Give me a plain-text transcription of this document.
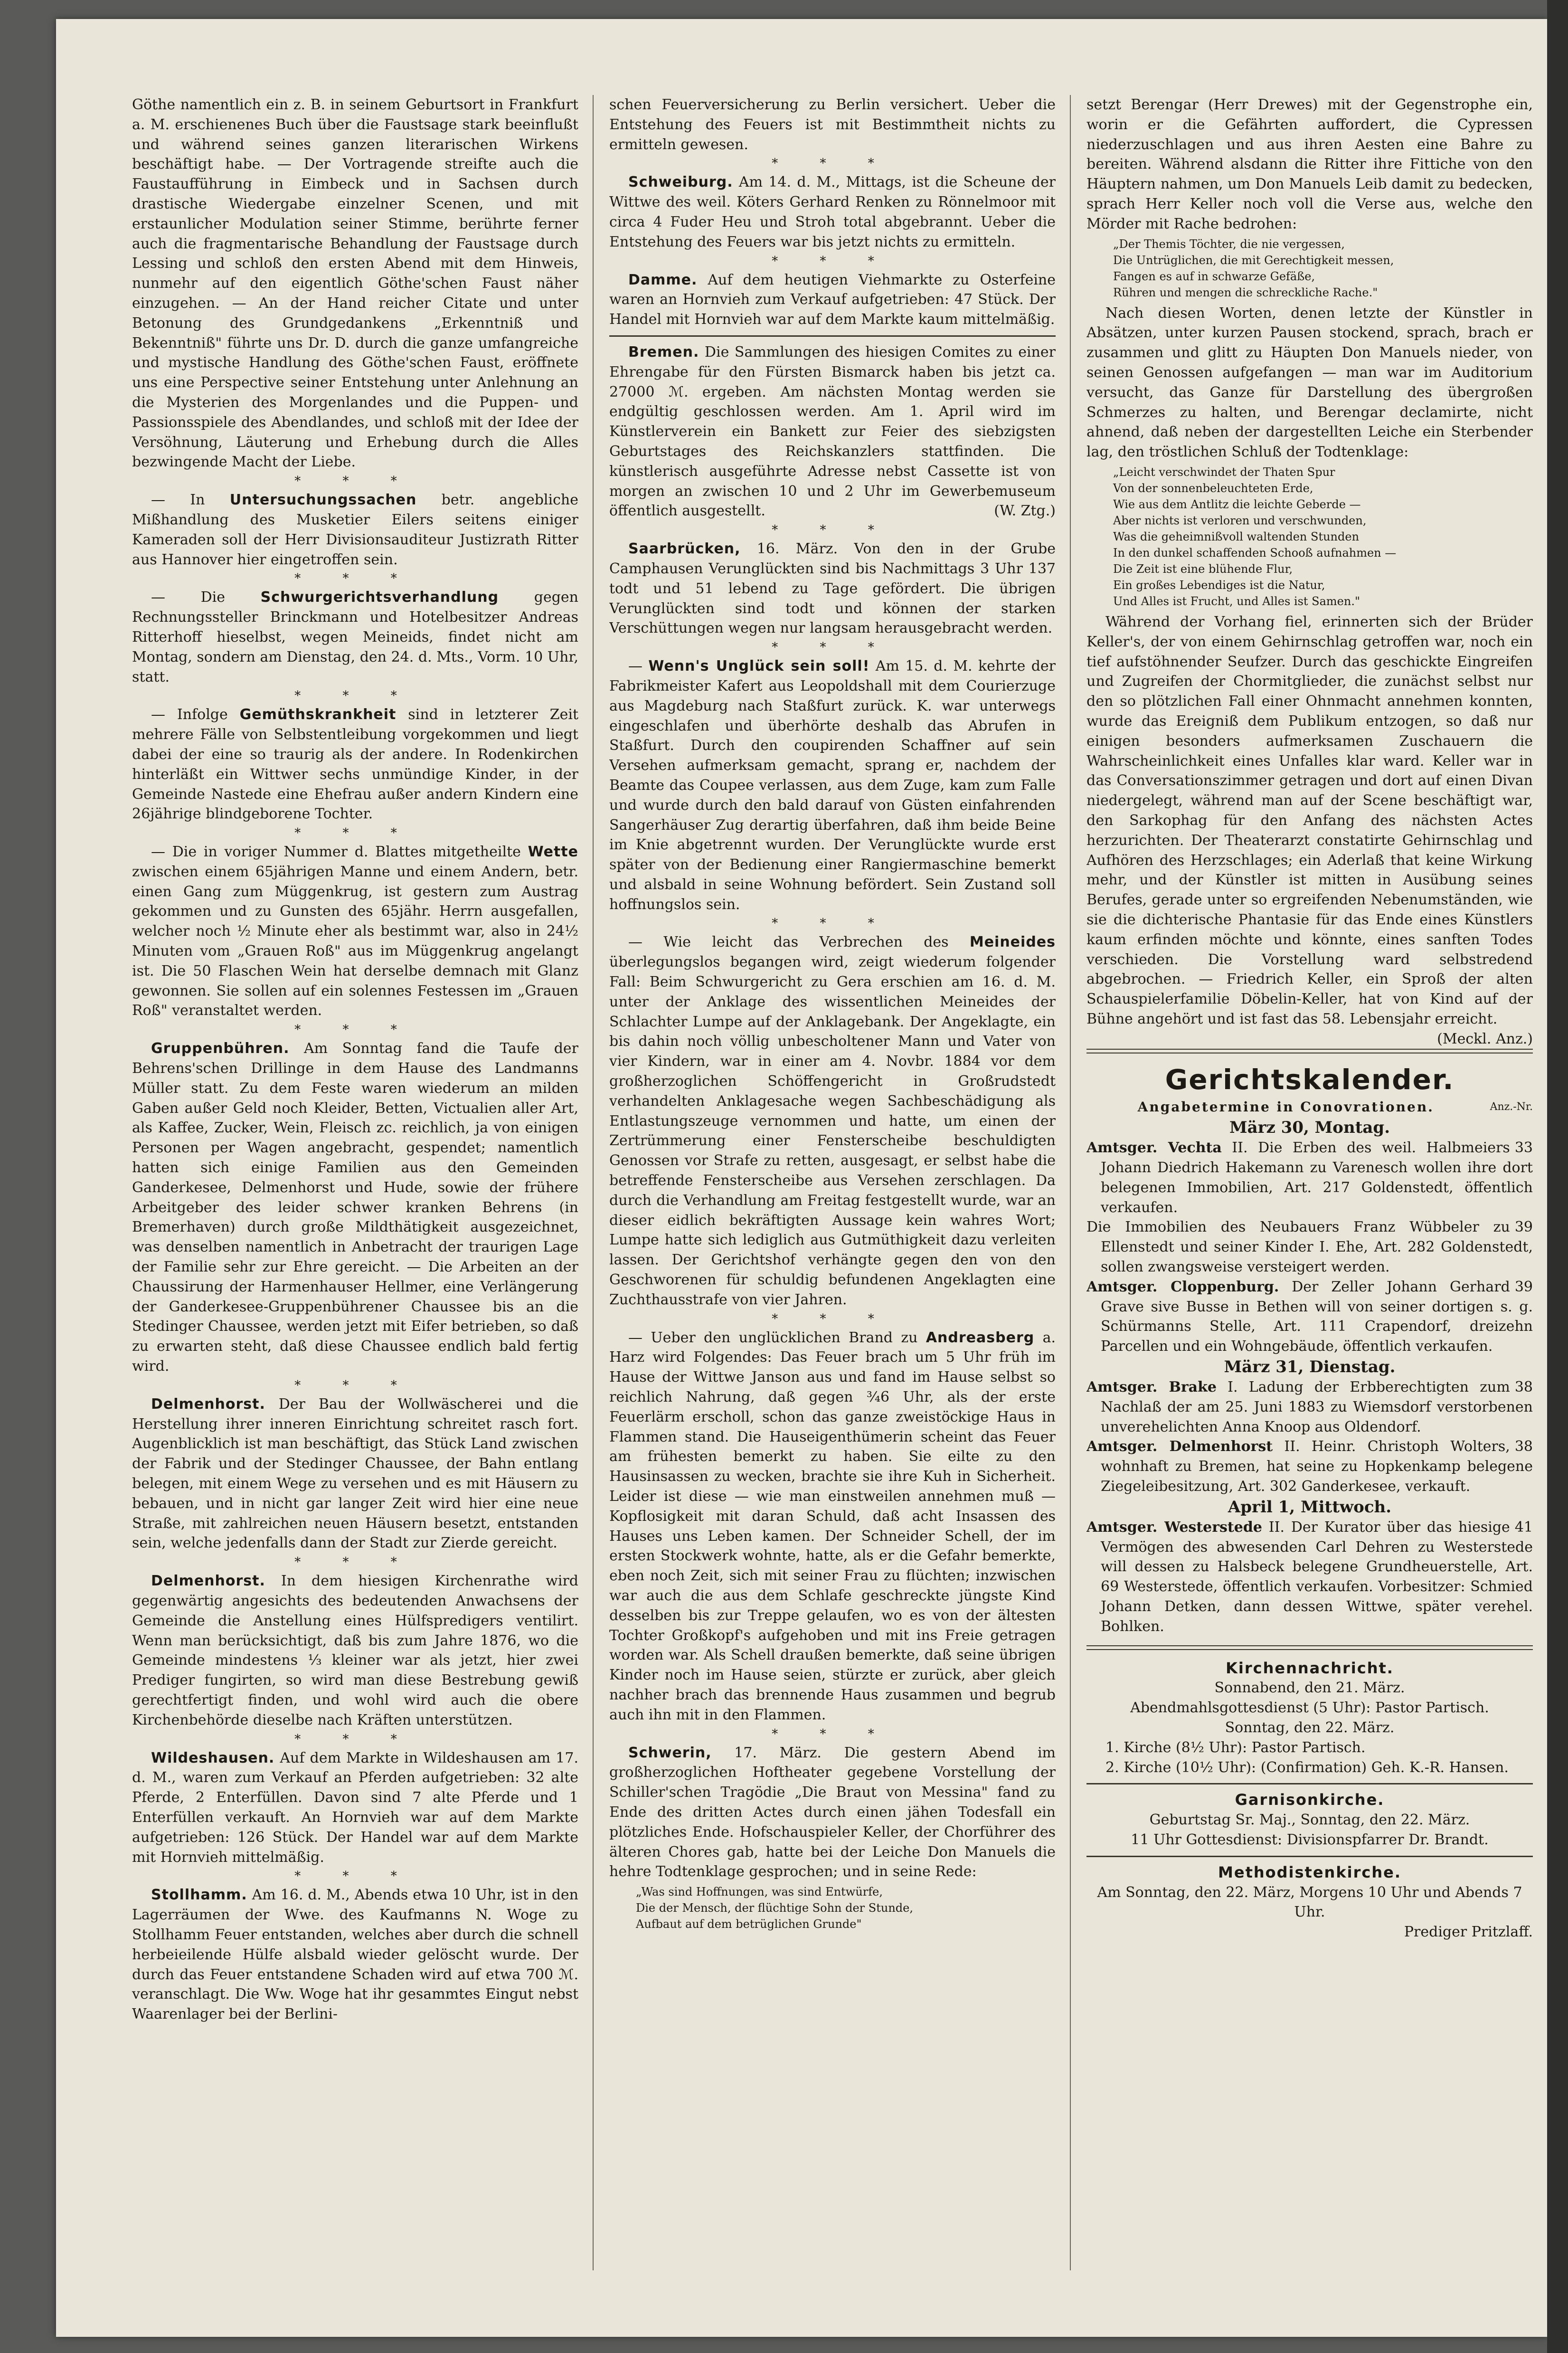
Göthe namentlich ein z. B. in seinem Geburtsort in Frankfurt a. M. erschienenes Buch über die Faustsage stark beeinflußt und während seines ganzen literarischen Wirkens beschäftigt habe. — Der Vortragende streifte auch die Faustaufführung in Eimbeck und in Sachsen durch drastische Wiedergabe einzelner Scenen, und mit erstaunlicher Modulation seiner Stimme, berührte ferner auch die fragmentarische Behandlung der Faustsage durch Lessing und schloß den ersten Abend mit dem Hinweis, nunmehr auf den eigentlich Göthe'schen Faust näher einzugehen. — An der Hand reicher Citate und unter Betonung des Grundgedankens „Erkenntniß und Bekenntniß" führte uns Dr. D. durch die ganze umfangreiche und mystische Handlung des Göthe'schen Faust, eröffnete uns eine Perspective seiner Entstehung unter Anlehnung an die Mysterien des Morgenlandes und die Puppen- und Passionsspiele des Abendlandes, und schloß mit der Idee der Versöhnung, Läuterung und Erhebung durch die Alles bezwingende Macht der Liebe.

* * *

— In Untersuchungssachen betr. angebliche Mißhandlung des Musketier Eilers seitens einiger Kameraden soll der Herr Divisionsauditeur Justizrath Ritter aus Hannover hier eingetroffen sein.

* * *

— Die Schwurgerichtsverhandlung gegen Rechnungssteller Brinckmann und Hotelbesitzer Andreas Ritterhoff hieselbst, wegen Meineids, findet nicht am Montag, sondern am Dienstag, den 24. d. Mts., Vorm. 10 Uhr, statt.

* * *

— Infolge Gemüthskrankheit sind in letzterer Zeit mehrere Fälle von Selbstentleibung vorgekommen und liegt dabei der eine so traurig als der andere. In Rodenkirchen hinterläßt ein Wittwer sechs unmündige Kinder, in der Gemeinde Nastede eine Ehefrau außer andern Kindern eine 26jährige blindgeborene Tochter.

* * *

— Die in voriger Nummer d. Blattes mitgetheilte Wette zwischen einem 65jährigen Manne und einem Andern, betr. einen Gang zum Müggenkrug, ist gestern zum Austrag gekommen und zu Gunsten des 65jähr. Herrn ausgefallen, welcher noch ½ Minute eher als bestimmt war, also in 24½ Minuten vom „Grauen Roß" aus im Müggenkrug angelangt ist. Die 50 Flaschen Wein hat derselbe demnach mit Glanz gewonnen. Sie sollen auf ein solennes Festessen im „Grauen Roß" veranstaltet werden.

* * *

Gruppenbühren. Am Sonntag fand die Taufe der Behrens'schen Drillinge in dem Hause des Landmanns Müller statt. Zu dem Feste waren wiederum an milden Gaben außer Geld noch Kleider, Betten, Victualien aller Art, als Kaffee, Zucker, Wein, Fleisch zc. reichlich, ja von einigen Personen per Wagen angebracht, gespendet; namentlich hatten sich einige Familien aus den Gemeinden Ganderkesee, Delmenhorst und Hude, sowie der frühere Arbeitgeber des leider schwer kranken Behrens (in Bremerhaven) durch große Mildthätigkeit ausgezeichnet, was denselben namentlich in Anbetracht der traurigen Lage der Familie sehr zur Ehre gereicht. — Die Arbeiten an der Chaussirung der Harmenhauser Hellmer, eine Verlängerung der Ganderkesee-Gruppenbührener Chaussee bis an die Stedinger Chaussee, werden jetzt mit Eifer betrieben, so daß zu erwarten steht, daß diese Chaussee endlich bald fertig wird.

* * *

Delmenhorst. Der Bau der Wollwäscherei und die Herstellung ihrer inneren Einrichtung schreitet rasch fort. Augenblicklich ist man beschäftigt, das Stück Land zwischen der Fabrik und der Stedinger Chaussee, der Bahn entlang belegen, mit einem Wege zu versehen und es mit Häusern zu bebauen, und in nicht gar langer Zeit wird hier eine neue Straße, mit zahlreichen neuen Häusern besetzt, entstanden sein, welche jedenfalls dann der Stadt zur Zierde gereicht.

* * *

Delmenhorst. In dem hiesigen Kirchenrathe wird gegenwärtig angesichts des bedeutenden Anwachsens der Gemeinde die Anstellung eines Hülfspredigers ventilirt. Wenn man berücksichtigt, daß bis zum Jahre 1876, wo die Gemeinde mindestens ⅓ kleiner war als jetzt, hier zwei Prediger fungirten, so wird man diese Bestrebung gewiß gerechtfertigt finden, und wohl wird auch die obere Kirchenbehörde dieselbe nach Kräften unterstützen.

* * *

Wildeshausen. Auf dem Markte in Wildeshausen am 17. d. M., waren zum Verkauf an Pferden aufgetrieben: 32 alte Pferde, 2 Enterfüllen. Davon sind 7 alte Pferde und 1 Enterfüllen verkauft. An Hornvieh war auf dem Markte aufgetrieben: 126 Stück. Der Handel war auf dem Markte mit Hornvieh mittelmäßig.

* * *

Stollhamm. Am 16. d. M., Abends etwa 10 Uhr, ist in den Lagerräumen der Wwe. des Kaufmanns N. Woge zu Stollhamm Feuer entstanden, welches aber durch die schnell herbeieilende Hülfe alsbald wieder gelöscht wurde. Der durch das Feuer entstandene Schaden wird auf etwa 700 ℳ. veranschlagt. Die Ww. Woge hat ihr gesammtes Eingut nebst Waarenlager bei der Berlini-

schen Feuerversicherung zu Berlin versichert. Ueber die Entstehung des Feuers ist mit Bestimmtheit nichts zu ermitteln gewesen.

* * *

Schweiburg. Am 14. d. M., Mittags, ist die Scheune der Wittwe des weil. Köters Gerhard Renken zu Rönnelmoor mit circa 4 Fuder Heu und Stroh total abgebrannt. Ueber die Entstehung des Feuers war bis jetzt nichts zu ermitteln.

* * *

Damme. Auf dem heutigen Viehmarkte zu Osterfeine waren an Hornvieh zum Verkauf aufgetrieben: 47 Stück. Der Handel mit Hornvieh war auf dem Markte kaum mittelmäßig.

Bremen. Die Sammlungen des hiesigen Comites zu einer Ehrengabe für den Fürsten Bismarck haben bis jetzt ca. 27000 ℳ. ergeben. Am nächsten Montag werden sie endgültig geschlossen werden. Am 1. April wird im Künstlerverein ein Bankett zur Feier des siebzigsten Geburtstages des Reichskanzlers stattfinden. Die künstlerisch ausgeführte Adresse nebst Cassette ist von morgen an zwischen 10 und 2 Uhr im Gewerbemuseum öffentlich ausgestellt.	(W. Ztg.)

* * *

Saarbrücken, 16. März. Von den in der Grube Camphausen Verunglückten sind bis Nachmittags 3 Uhr 137 todt und 51 lebend zu Tage gefördert. Die übrigen Verunglückten sind todt und können der starken Verschüttungen wegen nur langsam herausgebracht werden.

* * *

— Wenn's Unglück sein soll! Am 15. d. M. kehrte der Fabrikmeister Kafert aus Leopoldshall mit dem Courierzuge aus Magdeburg nach Staßfurt zurück. K. war unterwegs eingeschlafen und überhörte deshalb das Abrufen in Staßfurt. Durch den coupirenden Schaffner auf sein Versehen aufmerksam gemacht, sprang er, nachdem der Beamte das Coupee verlassen, aus dem Zuge, kam zum Falle und wurde durch den bald darauf von Güsten einfahrenden Sangerhäuser Zug derartig überfahren, daß ihm beide Beine im Knie abgetrennt wurden. Der Verunglückte wurde erst später von der Bedienung einer Rangiermaschine bemerkt und alsbald in seine Wohnung befördert. Sein Zustand soll hoffnungslos sein.

* * *

— Wie leicht das Verbrechen des Meineides überlegungslos begangen wird, zeigt wiederum folgender Fall: Beim Schwurgericht zu Gera erschien am 16. d. M. unter der Anklage des wissentlichen Meineides der Schlachter Lumpe auf der Anklagebank. Der Angeklagte, ein bis dahin noch völlig unbescholtener Mann und Vater von vier Kindern, war in einer am 4. Novbr. 1884 vor dem großherzoglichen Schöffengericht in Großrudstedt verhandelten Anklagesache wegen Sachbeschädigung als Entlastungszeuge vernommen und hatte, um einen der Zertrümmerung einer Fensterscheibe beschuldigten Genossen vor Strafe zu retten, ausgesagt, er selbst habe die betreffende Fensterscheibe aus Versehen zerschlagen. Da durch die Verhandlung am Freitag festgestellt wurde, war an dieser eidlich bekräftigten Aussage kein wahres Wort; Lumpe hatte sich lediglich aus Gutmüthigkeit dazu verleiten lassen. Der Gerichtshof verhängte gegen den von den Geschworenen für schuldig befundenen Angeklagten eine Zuchthausstrafe von vier Jahren.

* * *

— Ueber den unglücklichen Brand zu Andreasberg a. Harz wird Folgendes: Das Feuer brach um 5 Uhr früh im Hause der Wittwe Janson aus und fand im Hause selbst so reichlich Nahrung, daß gegen ¾6 Uhr, als der erste Feuerlärm erscholl, schon das ganze zweistöckige Haus in Flammen stand. Die Hauseigenthümerin scheint das Feuer am frühesten bemerkt zu haben. Sie eilte zu den Hausinsassen zu wecken, brachte sie ihre Kuh in Sicherheit. Leider ist diese — wie man einstweilen annehmen muß — Kopflosigkeit mit daran Schuld, daß acht Insassen des Hauses uns Leben kamen. Der Schneider Schell, der im ersten Stockwerk wohnte, hatte, als er die Gefahr bemerkte, eben noch Zeit, sich mit seiner Frau zu flüchten; inzwischen war auch die aus dem Schlafe geschreckte jüngste Kind desselben bis zur Treppe gelaufen, wo es von der ältesten Tochter Großkopf's aufgehoben und mit ins Freie getragen worden war. Als Schell draußen bemerkte, daß seine übrigen Kinder noch im Hause seien, stürzte er zurück, aber gleich nachher brach das brennende Haus zusammen und begrub auch ihn mit in den Flammen.

* * *

Schwerin, 17. März. Die gestern Abend im großherzoglichen Hoftheater gegebene Vorstellung der Schiller'schen Tragödie „Die Braut von Messina" fand zu Ende des dritten Actes durch einen jähen Todesfall ein plötzliches Ende. Hofschauspieler Keller, der Chorführer des älteren Chores gab, hatte bei der Leiche Don Manuels die hehre Todtenklage gesprochen; und in seine Rede:

„Was sind Hoffnungen, was sind Entwürfe,
Die der Mensch, der flüchtige Sohn der Stunde,
Aufbaut auf dem betrüglichen Grunde"

setzt Berengar (Herr Drewes) mit der Gegenstrophe ein, worin er die Gefährten auffordert, die Cypressen niederzuschlagen und aus ihren Aesten eine Bahre zu bereiten. Während alsdann die Ritter ihre Fittiche von den Häuptern nahmen, um Don Manuels Leib damit zu bedecken, sprach Herr Keller noch voll die Verse aus, welche den Mörder mit Rache bedrohen:

„Der Themis Töchter, die nie vergessen,
Die Untrüglichen, die mit Gerechtigkeit messen,
Fangen es auf in schwarze Gefäße,
Rühren und mengen die schreckliche Rache."

Nach diesen Worten, denen letzte der Künstler in Absätzen, unter kurzen Pausen stockend, sprach, brach er zusammen und glitt zu Häupten Don Manuels nieder, von seinen Genossen aufgefangen — man war im Auditorium versucht, das Ganze für Darstellung des übergroßen Schmerzes zu halten, und Berengar declamirte, nicht ahnend, daß neben der dargestellten Leiche ein Sterbender lag, den tröstlichen Schluß der Todtenklage:

„Leicht verschwindet der Thaten Spur
Von der sonnenbeleuchteten Erde,
Wie aus dem Antlitz die leichte Geberde —
Aber nichts ist verloren und verschwunden,
Was die geheimnißvoll waltenden Stunden
In den dunkel schaffenden Schooß aufnahmen —
Die Zeit ist eine blühende Flur,
Ein großes Lebendiges ist die Natur,
Und Alles ist Frucht, und Alles ist Samen."

Während der Vorhang fiel, erinnerten sich der Brüder Keller's, der von einem Gehirnschlag getroffen war, noch ein tief aufstöhnender Seufzer. Durch das geschickte Eingreifen und Zugreifen der Chormitglieder, die zunächst selbst nur den so plötzlichen Fall einer Ohnmacht annehmen konnten, wurde das Ereigniß dem Publikum entzogen, so daß nur einigen besonders aufmerksamen Zuschauern die Wahrscheinlichkeit eines Unfalles klar ward. Keller war in das Conversationszimmer getragen und dort auf einen Divan niedergelegt, während man auf der Scene beschäftigt war, den Sarkophag für den Anfang des nächsten Actes herzurichten. Der Theaterarzt constatirte Gehirnschlag und Aufhören des Herzschlages; ein Aderlaß that keine Wirkung mehr, und der Künstler ist mitten in Ausübung seines Berufes, gerade unter so ergreifenden Nebenumständen, wie sie die dichterische Phantasie für das Ende eines Künstlers kaum erfinden möchte und könnte, eines sanften Todes verschieden. Die Vorstellung ward selbstredend abgebrochen. — Friedrich Keller, ein Sproß der alten Schauspielerfamilie Döbelin-Keller, hat von Kind auf der Bühne angehört und ist fast das 58. Lebensjahr erreicht.
(Meckl. Anz.)

Gerichtskalender.
Angabetermine in Conovrationen.	Anz.-Nr.
März 30, Montag.

33
Amtsger. Vechta II. Die Erben des weil. Halbmeiers Johann Diedrich Hakemann zu Varenesch wollen ihre dort belegenen Immobilien, Art. 217 Goldenstedt, öffentlich verkaufen.

39
Die Immobilien des Neubauers Franz Wübbeler zu Ellenstedt und seiner Kinder I. Ehe, Art. 282 Goldenstedt, sollen zwangsweise versteigert werden.

39
Amtsger. Cloppenburg. Der Zeller Johann Gerhard Grave sive Busse in Bethen will von seiner dortigen s. g. Schürmanns Stelle, Art. 111 Crapendorf, dreizehn Parcellen und ein Wohngebäude, öffentlich verkaufen.

März 31, Dienstag.

38
Amtsger. Brake I. Ladung der Erbberechtigten zum Nachlaß der am 25. Juni 1883 zu Wiemsdorf verstorbenen unverehelichten Anna Knoop aus Oldendorf.

38
Amtsger. Delmenhorst II. Heinr. Christoph Wolters, wohnhaft zu Bremen, hat seine zu Hopkenkamp belegene Ziegeleibesitzung, Art. 302 Ganderkesee, verkauft.

April 1, Mittwoch.

41
Amtsger. Westerstede II. Der Kurator über das hiesige Vermögen des abwesenden Carl Dehren zu Westerstede will dessen zu Halsbeck belegene Grundheuerstelle, Art. 69 Westerstede, öffentlich verkaufen. Vorbesitzer: Schmied Johann Detken, dann dessen Wittwe, später verehel. Bohlken.

Kirchennachricht.

Sonnabend, den 21. März.

Abendmahlsgottesdienst (5 Uhr): Pastor Partisch.

Sonntag, den 22. März.

1. Kirche (8½ Uhr): Pastor Partisch.

2. Kirche (10½ Uhr): (Confirmation) Geh. K.-R. Hansen.

Garnisonkirche.

Geburtstag Sr. Maj., Sonntag, den 22. März.

11 Uhr Gottesdienst: Divisionspfarrer Dr. Brandt.

Methodistenkirche.

Am Sonntag, den 22. März, Morgens 10 Uhr und Abends 7 Uhr.

Prediger Pritzlaff.
